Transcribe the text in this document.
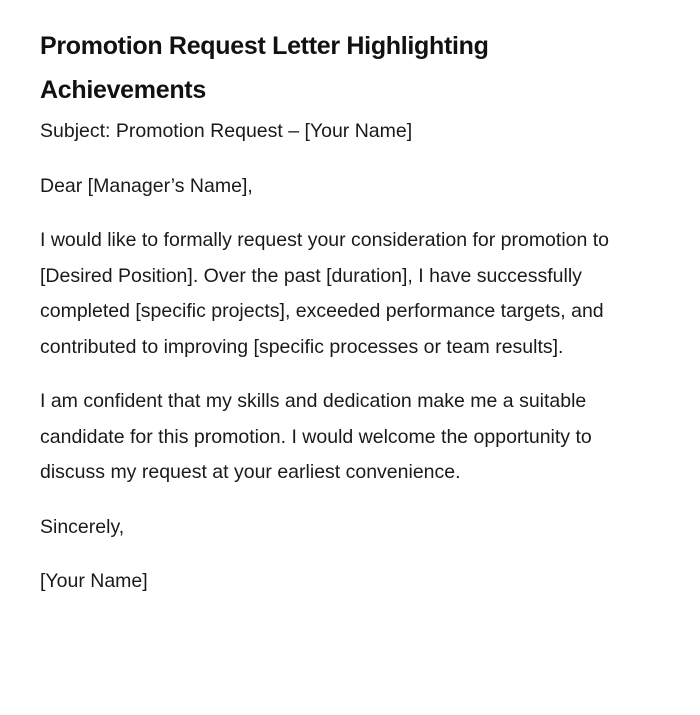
Promotion Request Letter Highlighting Achievements

Subject: Promotion Request – [Your Name]

Dear [Manager’s Name],

I would like to formally request your consideration for promotion to [Desired Position]. Over the past [duration], I have successfully completed [specific projects], exceeded performance targets, and contributed to improving [specific processes or team results].

I am confident that my skills and dedication make me a suitable candidate for this promotion. I would welcome the opportunity to discuss my request at your earliest convenience.

Sincerely,

[Your Name]
